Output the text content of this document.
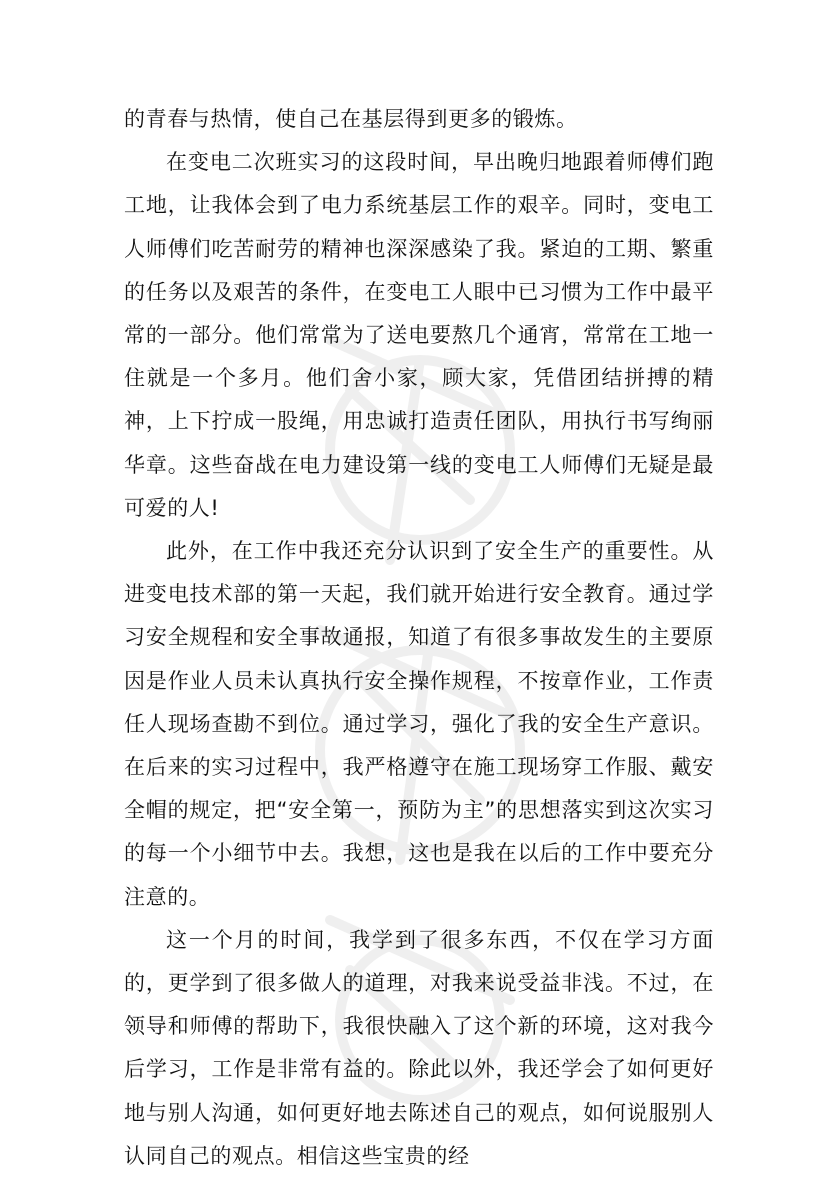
的青春与热情，使自己在基层得到更多的锻炼。

在变电二次班实习的这段时间，早出晚归地跟着师傅们跑工地，让我体会到了电力系统基层工作的艰辛。同时，变电工人师傅们吃苦耐劳的精神也深深感染了我。紧迫的工期、繁重的任务以及艰苦的条件，在变电工人眼中已习惯为工作中最平常的一部分。他们常常为了送电要熬几个通宵，常常在工地一住就是一个多月。他们舍小家，顾大家，凭借团结拼搏的精神，上下拧成一股绳，用忠诚打造责任团队，用执行书写绚丽华章。这些奋战在电力建设第一线的变电工人师傅们无疑是最可爱的人!

此外，在工作中我还充分认识到了安全生产的重要性。从进变电技术部的第一天起，我们就开始进行安全教育。通过学习安全规程和安全事故通报，知道了有很多事故发生的主要原因是作业人员未认真执行安全操作规程，不按章作业，工作责任人现场查勘不到位。通过学习，强化了我的安全生产意识。在后来的实习过程中，我严格遵守在施工现场穿工作服、戴安全帽的规定，把“安全第一，预防为主”的思想落实到这次实习的每一个小细节中去。我想，这也是我在以后的工作中要充分注意的。

这一个月的时间，我学到了很多东西，不仅在学习方面的，更学到了很多做人的道理，对我来说受益非浅。不过，在领导和师傅的帮助下，我很快融入了这个新的环境，这对我今后学习，工作是非常有益的。除此以外，我还学会了如何更好地与别人沟通，如何更好地去陈述自己的观点，如何说服别人认同自己的观点。相信这些宝贵的经
